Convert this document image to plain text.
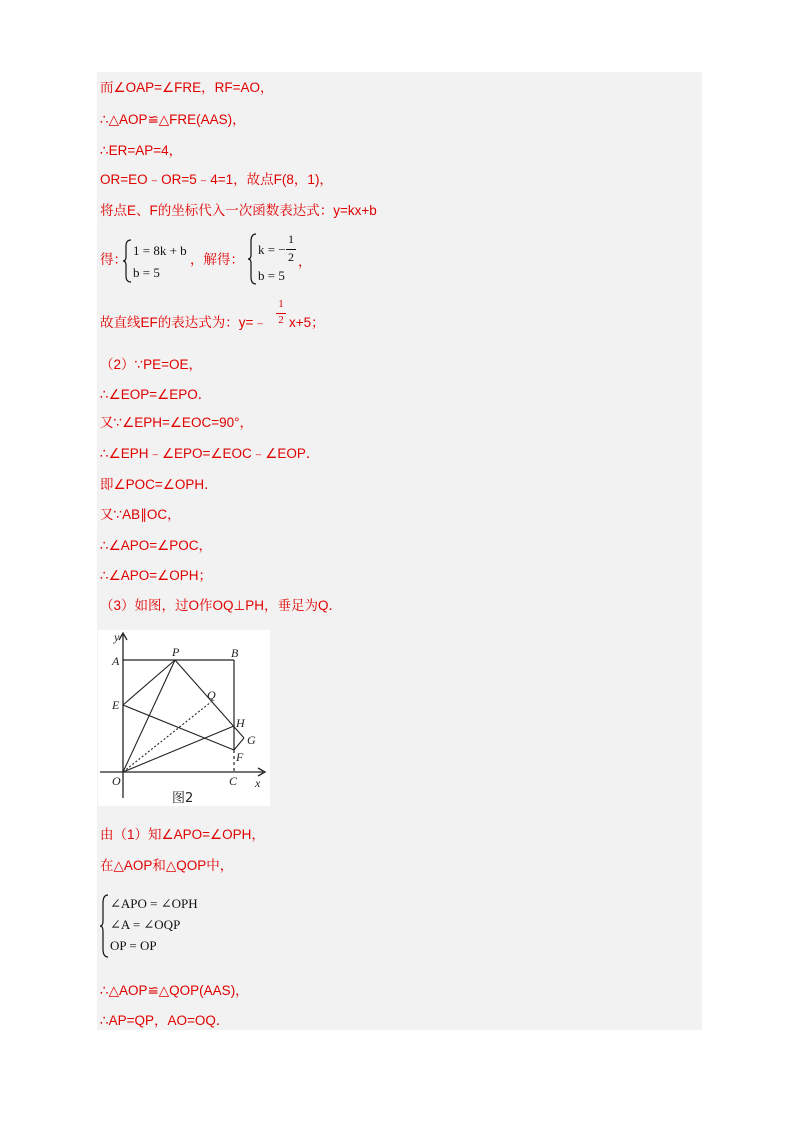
而∠OAP=∠FRE，RF=AO，
∴△AOP≌△FRE(AAS)，
∴ER=AP=4，
OR=EO﹣OR=5﹣4=1，故点F(8，1)，
将点E、F的坐标代入一次函数表达式：y=kx+b
得：
1 = 8k + b
b = 5
，解得：
k = −
1
2
b = 5
，
故直线EF的表达式为：y=﹣
1
2 x+5；
（2）∵PE=OE，
∴∠EOP=∠EPO．
又∵∠EPH=∠EOC=90°，
∴∠EPH﹣∠EPO=∠EOC﹣∠EOP．
即∠POC=∠OPH．
又∵AB∥OC，
∴∠APO=∠POC，
∴∠APO=∠OPH；
（3）如图，过O作OQ⊥PH，垂足为Q．
y
x
A
P	B
E
Q
H
G
F
O	C
图2
由（1）知∠APO=∠OPH，
在△AOP和△QOP中，
∠APO = ∠OPH
∠A = ∠OQP
OP = OP
∴△AOP≌△QOP(AAS)，
∴AP=QP，AO=OQ．
